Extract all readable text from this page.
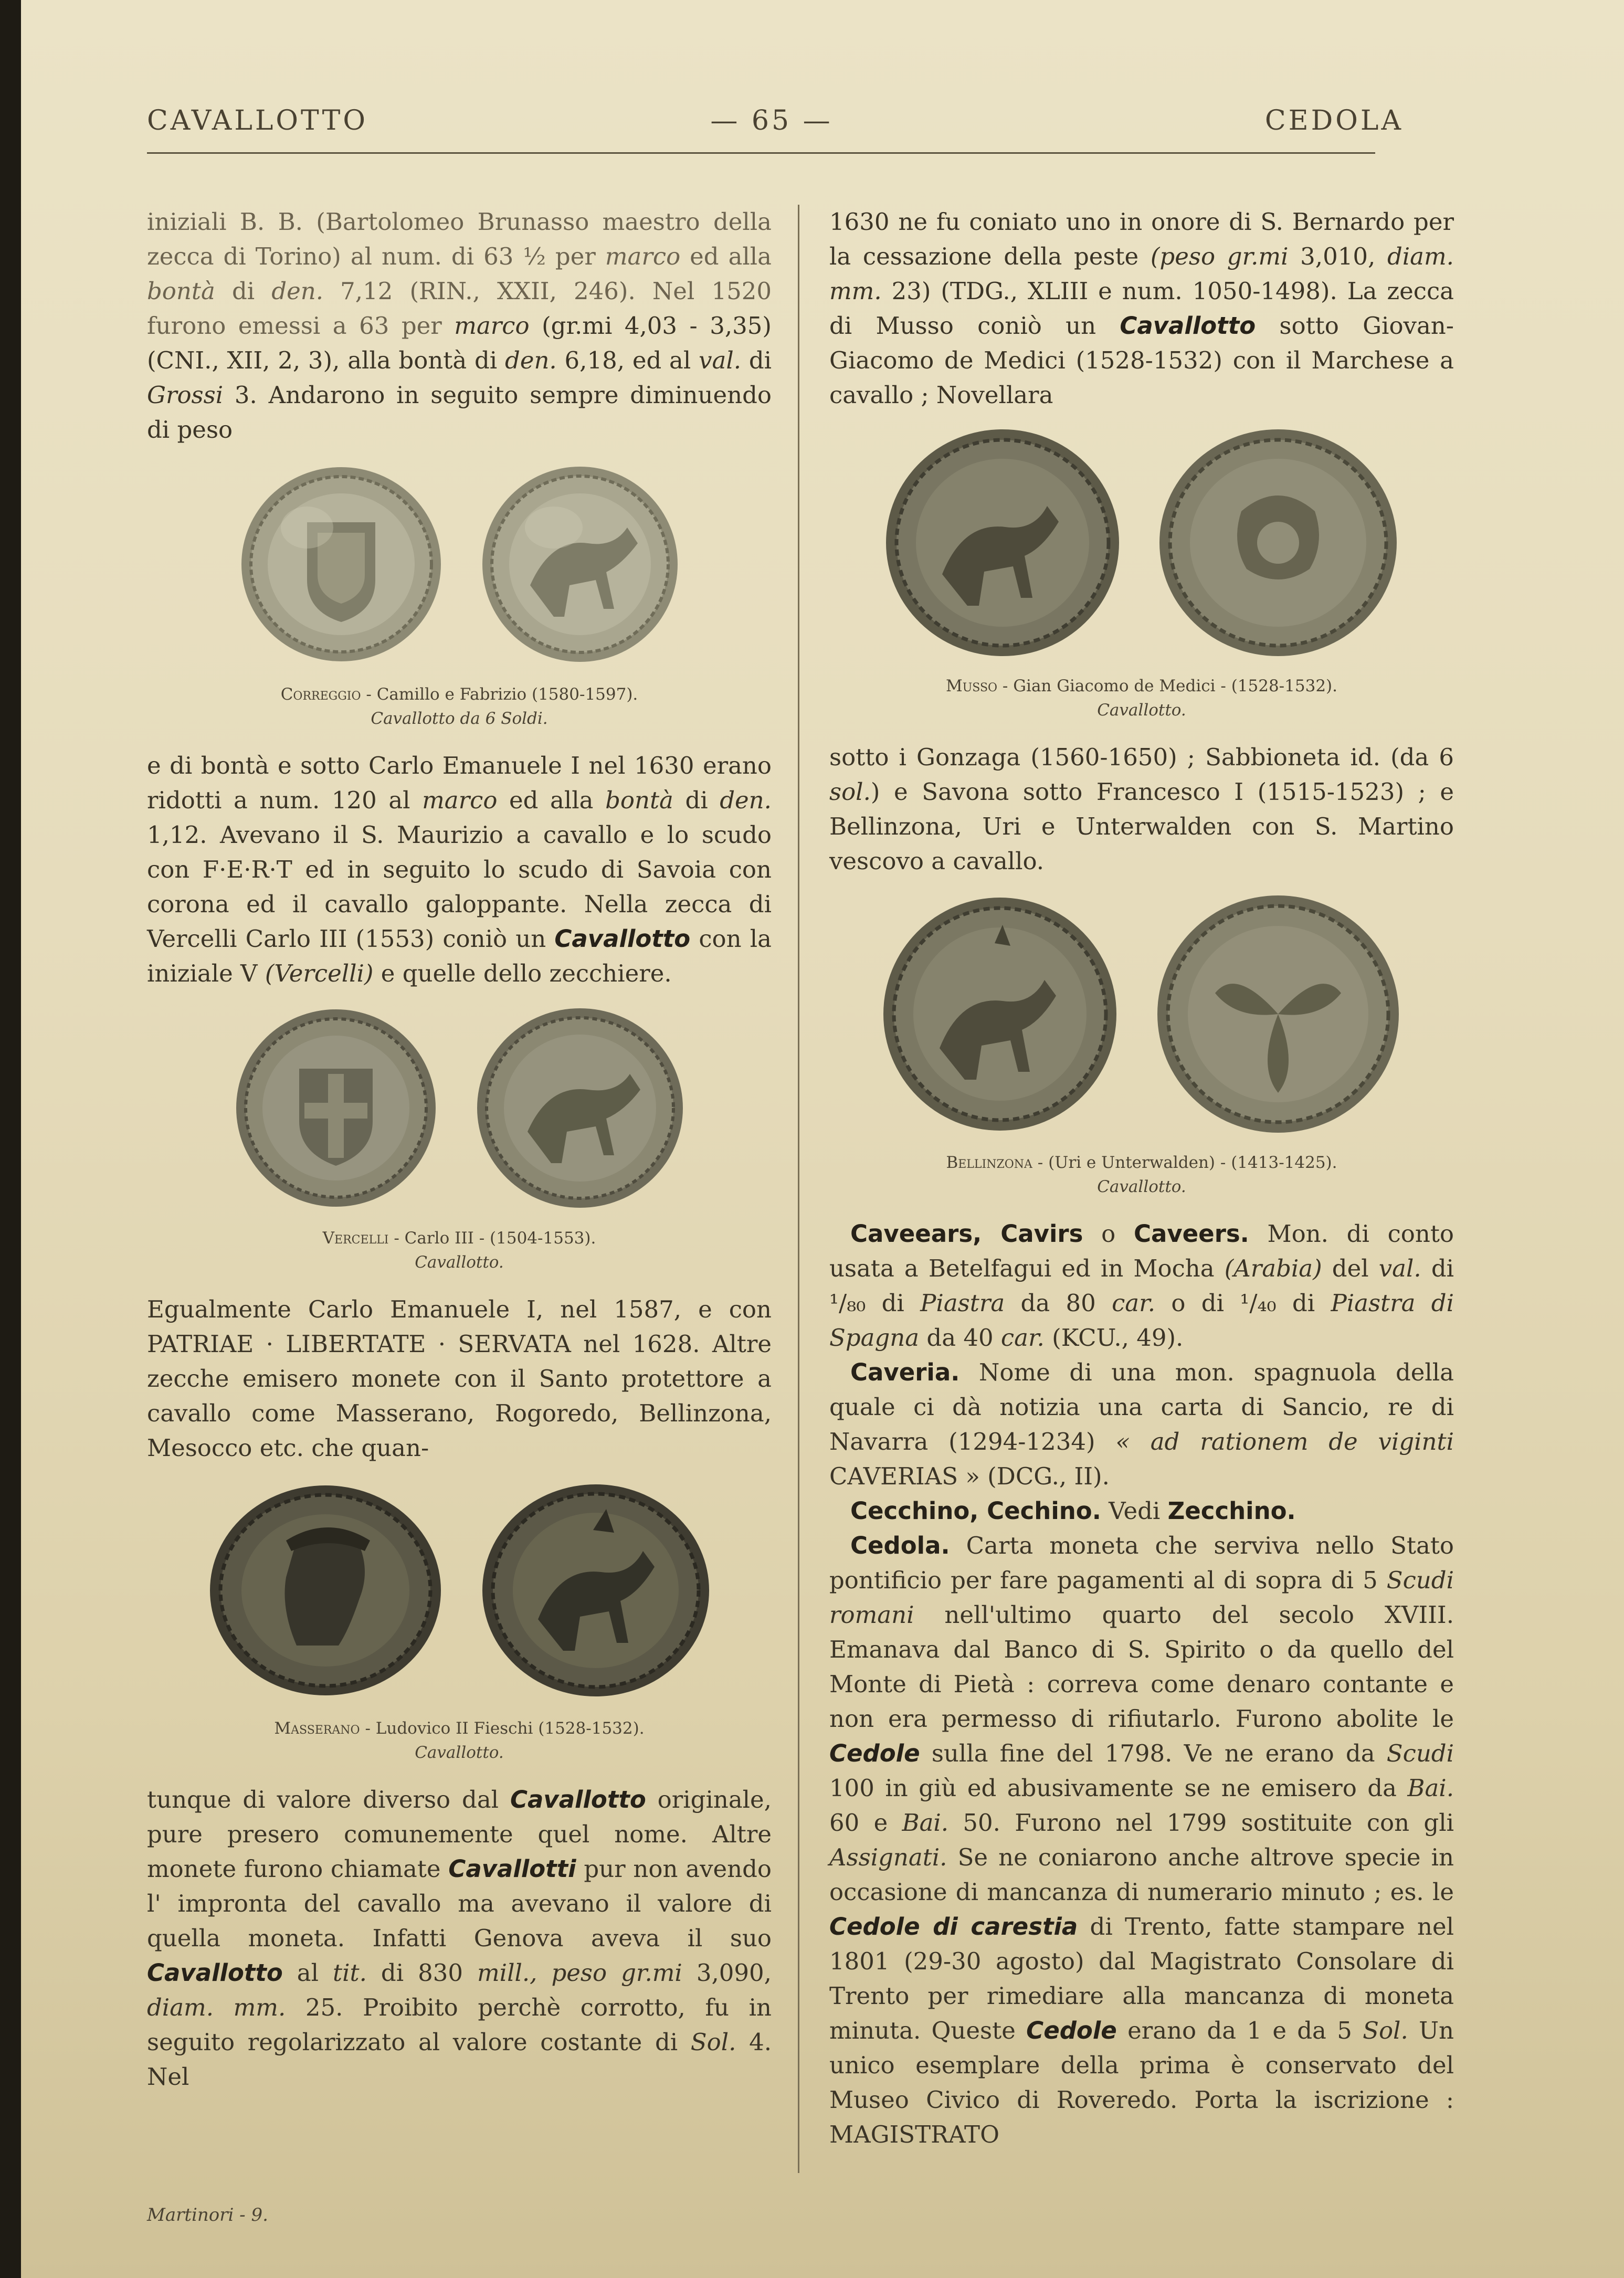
CAVALLOTTO	— 65 —	CEDOLA

iniziali B. B. (Bartolomeo Brunasso maestro della zecca di Torino) al num. di 63 ½ per marco ed alla bontà di den. 7,12 (RIN., XXII, 246). Nel 1520 furono emessi a 63 per marco (gr.mi 4,03 - 3,35) (CNI., XII, 2, 3), alla bontà di den. 6,18, ed al val. di Grossi 3. Andarono in seguito sempre diminuendo di peso

Correggio - Camillo e Fabrizio (1580-1597).
Cavallotto da 6 Soldi.

e di bontà e sotto Carlo Emanuele I nel 1630 erano ridotti a num. 120 al marco ed alla bontà di den. 1,12. Avevano il S. Maurizio a cavallo e lo scudo con F·E·R·T ed in seguito lo scudo di Savoia con corona ed il cavallo galoppante. Nella zecca di Vercelli Carlo III (1553) coniò un Cavallotto con la iniziale V (Vercelli) e quelle dello zecchiere.

Vercelli - Carlo III - (1504-1553).
Cavallotto.

Egualmente Carlo Emanuele I, nel 1587, e con PATRIAE · LIBERTATE · SERVATA nel 1628. Altre zecche emisero monete con il Santo protettore a cavallo come Masserano, Rogoredo, Bellinzona, Mesocco etc. che quan-

Masserano - Ludovico II Fieschi (1528-1532).
Cavallotto.

tunque di valore diverso dal Cavallotto originale, pure presero comunemente quel nome. Altre monete furono chiamate Cavallotti pur non avendo l' impronta del cavallo ma avevano il valore di quella moneta. Infatti Genova aveva il suo Cavallotto al tit. di 830 mill., peso gr.mi 3,090, diam. mm. 25. Proibito perchè corrotto, fu in seguito regolarizzato al valore costante di Sol. 4. Nel

1630 ne fu coniato uno in onore di S. Bernardo per la cessazione della peste (peso gr.mi 3,010, diam. mm. 23) (TDG., XLIII e num. 1050-1498). La zecca di Musso coniò un Cavallotto sotto Giovan-Giacomo de Medici (1528-1532) con il Marchese a cavallo ; Novellara

Musso - Gian Giacomo de Medici - (1528-1532).
Cavallotto.

sotto i Gonzaga (1560-1650) ; Sabbioneta id. (da 6 sol.) e Savona sotto Francesco I (1515-1523) ; e Bellinzona, Uri e Unterwalden con S. Martino vescovo a cavallo.

Bellinzona - (Uri e Unterwalden) - (1413-1425).
Cavallotto.

Caveears, Cavirs o Caveers. Mon. di conto usata a Betelfagui ed in Mocha (Arabia) del val. di ¹/₈₀ di Piastra da 80 car. o di ¹/₄₀ di Piastra di Spagna da 40 car. (KCU., 49).

Caveria. Nome di una mon. spagnuola della quale ci dà notizia una carta di Sancio, re di Navarra (1294-1234) « ad rationem de viginti CAVERIAS » (DCG., II).

Cecchino, Cechino. Vedi Zecchino.

Cedola. Carta moneta che serviva nello Stato pontificio per fare pagamenti al di sopra di 5 Scudi romani nell'ultimo quarto del secolo XVIII. Emanava dal Banco di S. Spirito o da quello del Monte di Pietà : correva come denaro contante e non era permesso di rifiutarlo. Furono abolite le Cedole sulla fine del 1798. Ve ne erano da Scudi 100 in giù ed abusivamente se ne emisero da Bai. 60 e Bai. 50. Furono nel 1799 sostituite con gli Assignati. Se ne coniarono anche altrove specie in occasione di mancanza di numerario minuto ; es. le Cedole di carestia di Trento, fatte stampare nel 1801 (29-30 agosto) dal Magistrato Consolare di Trento per rimediare alla mancanza di moneta minuta. Queste Cedole erano da 1 e da 5 Sol. Un unico esemplare della prima è conservato del Museo Civico di Roveredo. Porta la iscrizione : MAGISTRATO

Martinori - 9.
